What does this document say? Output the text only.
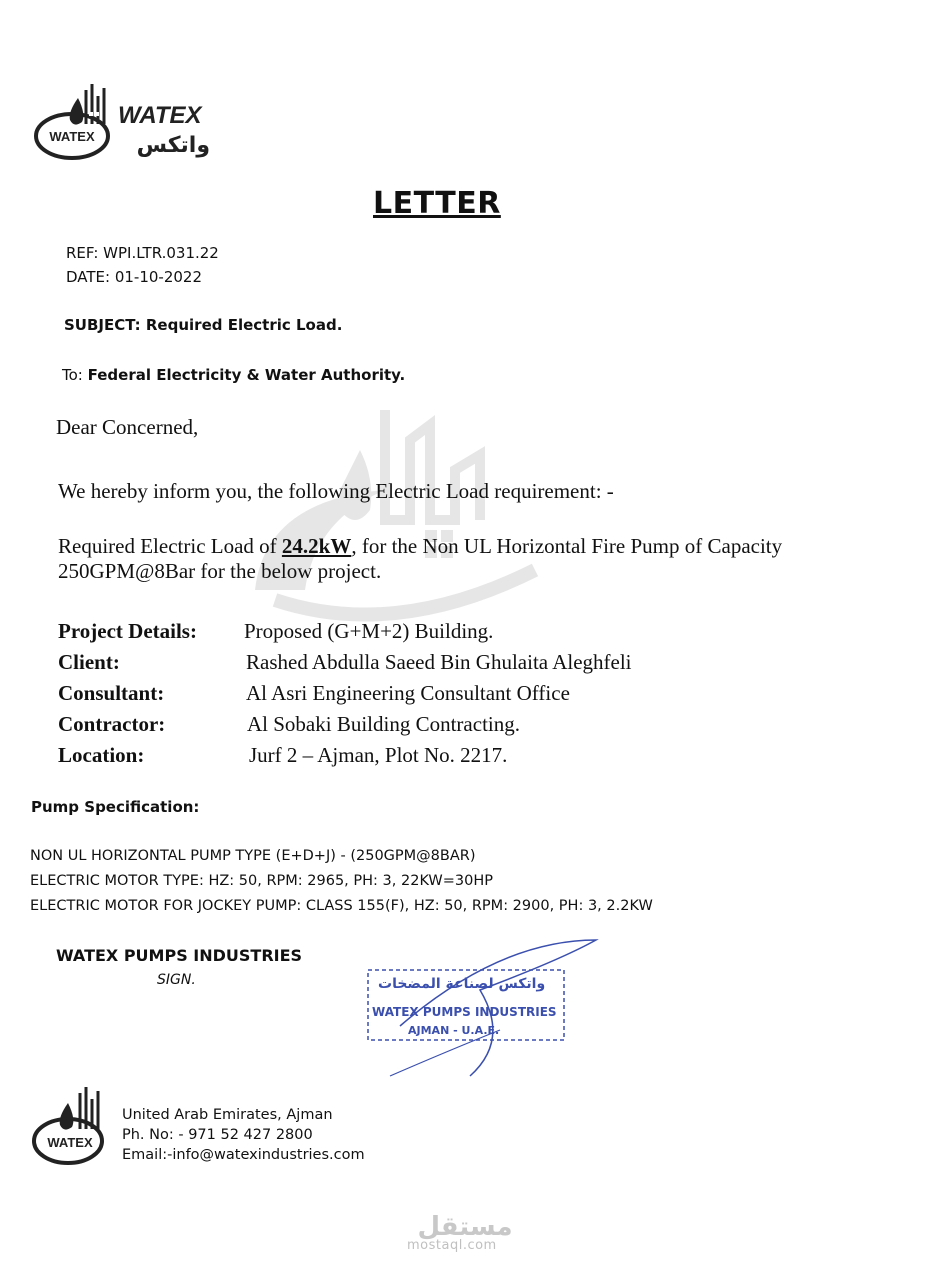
WATEX
WATEX
واتكس
LETTER
REF: WPI.LTR.031.22
DATE: 01-10-2022
SUBJECT: Required Electric Load.
To: Federal Electricity & Water Authority.
Dear Concerned,
We hereby inform you, the following Electric Load requirement: -
Required Electric Load of 24.2kW, for the Non UL Horizontal Fire Pump of Capacity 250GPM@8Bar for the below project.
Project Details: Proposed (G+M+2) Building.
Client:	Rashed Abdulla Saeed Bin Ghulaita Aleghfeli
Consultant:	Al Asri Engineering Consultant Office
Contractor:	Al Sobaki Building Contracting.
Location:	Jurf 2 – Ajman, Plot No. 2217.
Pump Specification:
NON UL HORIZONTAL PUMP TYPE (E+D+J) - (250GPM@8BAR)
ELECTRIC MOTOR TYPE: HZ: 50, RPM: 2965, PH: 3, 22KW=30HP
ELECTRIC MOTOR FOR JOCKEY PUMP: CLASS 155(F), HZ: 50, RPM: 2900, PH: 3, 2.2KW
WATEX PUMPS INDUSTRIES
SIGN.	واتكس لصناعة المضخات
WATEX PUMPS INDUSTRIES
AJMAN - U.A.E.
WATEX
United Arab Emirates, Ajman
Ph. No: - 971 52 427 2800
Email:-info@watexindustries.com
مستقل
mostaql.com
